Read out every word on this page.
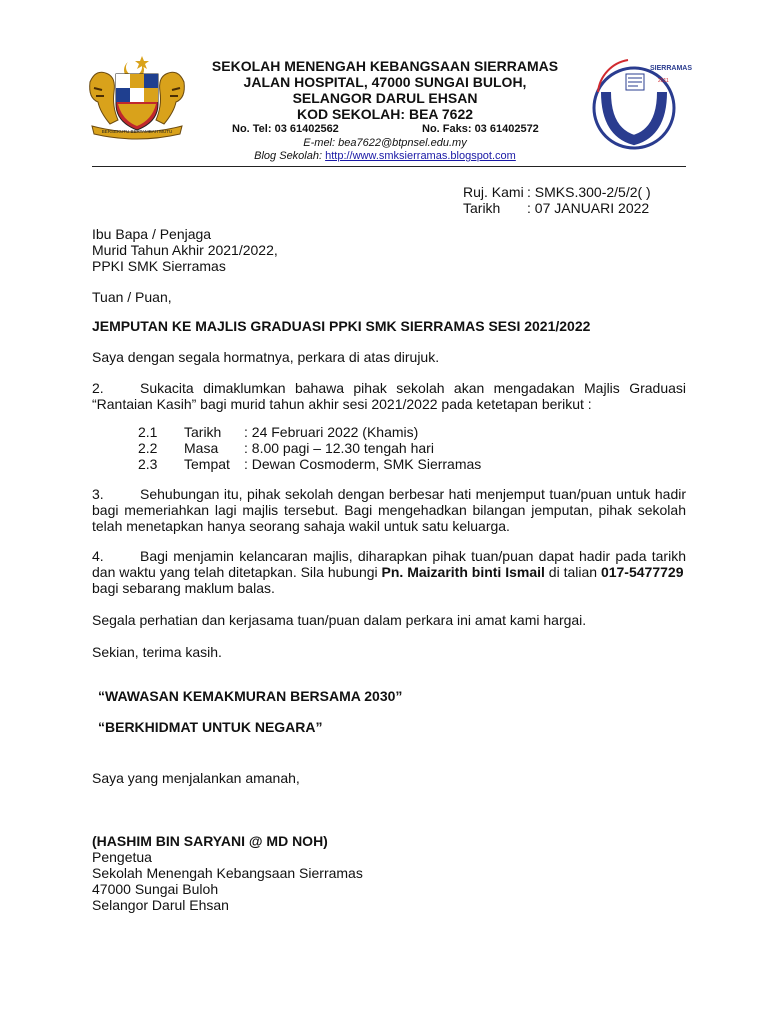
BERSEKUTU BERTAMBAH MUTU
SEKOLAH MENENGAH KEBANGSAAN SIERRAMAS
JALAN HOSPITAL, 47000 SUNGAI BULOH,
SELANGOR DARUL EHSAN
KOD SEKOLAH: BEA 7622
No. Tel: 03 61402562	No. Faks: 03 61402572
E-mel: bea7622@btpnsel.edu.my
Blog Sekolah: http://www.smksierramas.blogspot.com
SIERRAMAS
2011
Ruj. Kami : SMKS.300-2/5/2( )
Tarikh : 07 JANUARI 2022
Ibu Bapa / Penjaga
Murid Tahun Akhir 2021/2022,
PPKI SMK Sierramas
Tuan / Puan,
JEMPUTAN KE MAJLIS GRADUASI PPKI SMK SIERRAMAS SESI 2021/2022
Saya dengan segala hormatnya, perkara di atas dirujuk.
2.	Sukacita dimaklumkan bahawa pihak sekolah akan mengadakan Majlis Graduasi
“Rantaian Kasih” bagi murid tahun akhir sesi 2021/2022 pada ketetapan berikut :
2.1 Tarikh : 24 Februari 2022 (Khamis)
2.2 Masa : 8.00 pagi – 12.30 tengah hari
2.3 Tempat : Dewan Cosmoderm, SMK Sierramas
3.	Sehubungan itu, pihak sekolah dengan berbesar hati menjemput tuan/puan untuk hadir
bagi memeriahkan lagi majlis tersebut. Bagi mengehadkan bilangan jemputan, pihak sekolah
telah menetapkan hanya seorang sahaja wakil untuk satu keluarga.
4.	Bagi menjamin kelancaran majlis, diharapkan pihak tuan/puan dapat hadir pada tarikh
dan waktu yang telah ditetapkan. Sila hubungi Pn. Maizarith binti Ismail di talian 017-5477729
bagi sebarang maklum balas.
Segala perhatian dan kerjasama tuan/puan dalam perkara ini amat kami hargai.
Sekian, terima kasih.
“WAWASAN KEMAKMURAN BERSAMA 2030”
“BERKHIDMAT UNTUK NEGARA”
Saya yang menjalankan amanah,
(HASHIM BIN SARYANI @ MD NOH)
Pengetua
Sekolah Menengah Kebangsaan Sierramas
47000 Sungai Buloh
Selangor Darul Ehsan
